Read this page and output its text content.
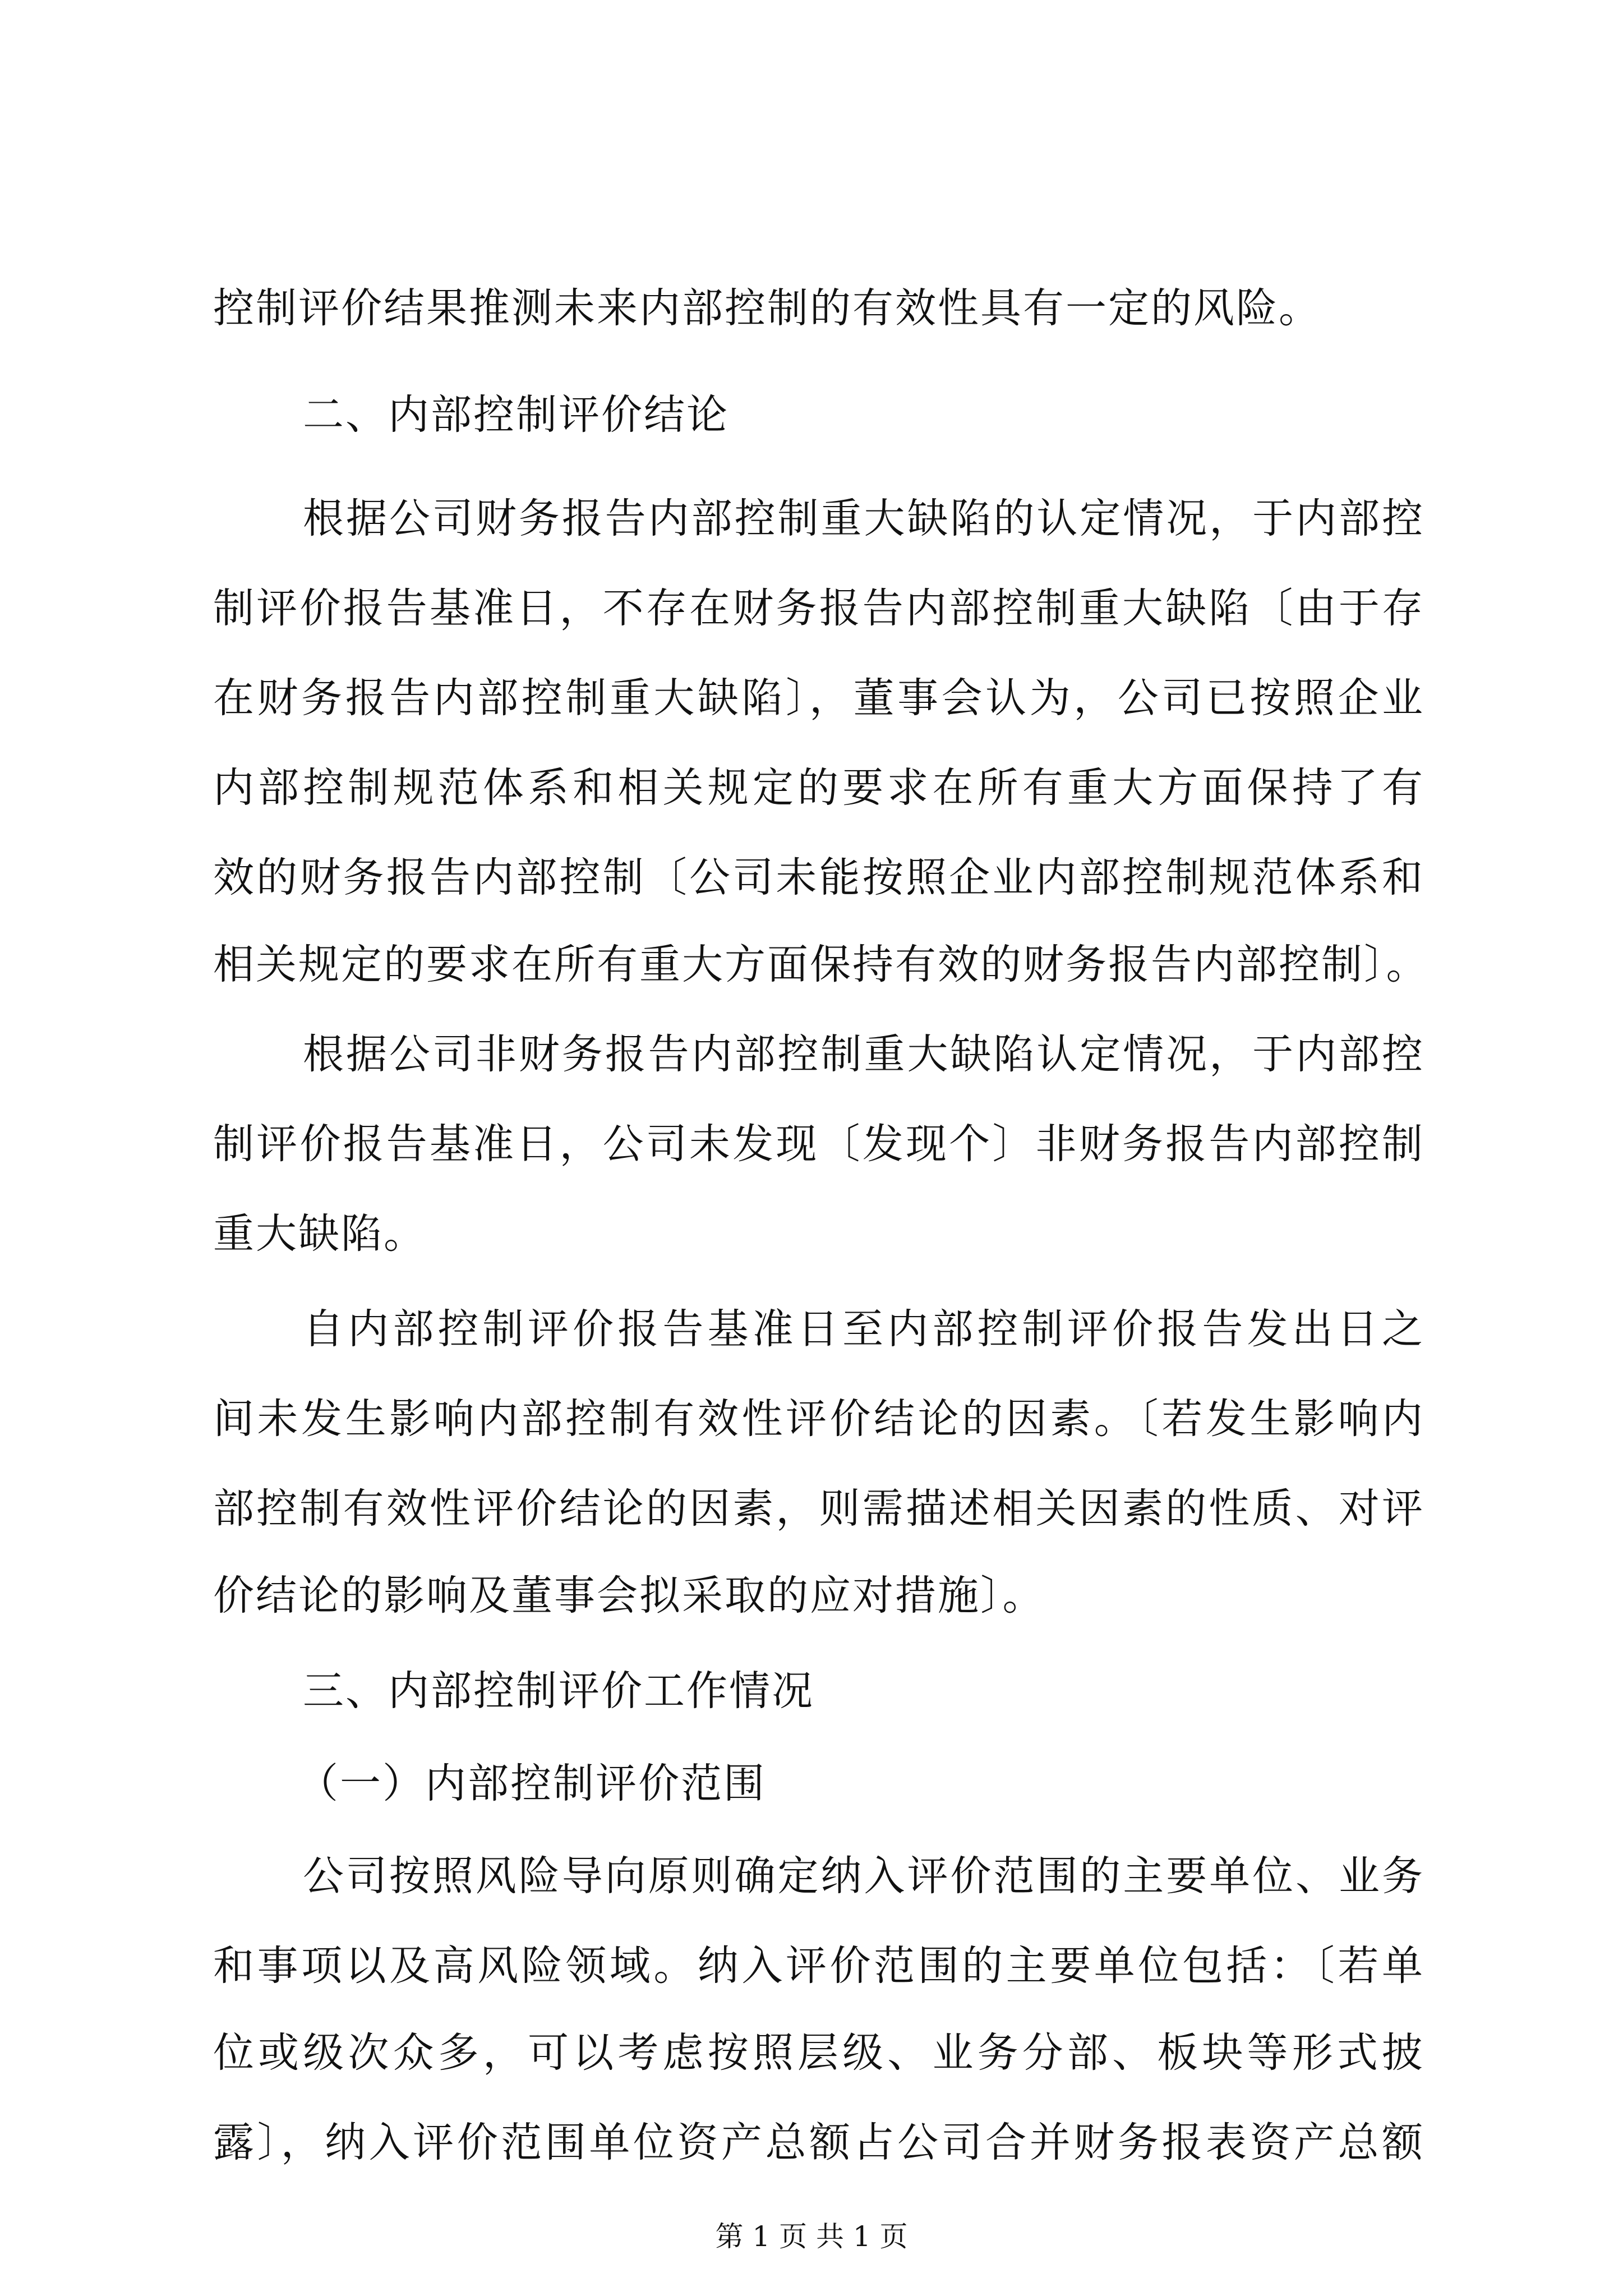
控制评价结果推测未来内部控制的有效性具有一定的风险。
二、内部控制评价结论
根据公司财务报告内部控制重大缺陷的认定情况，于内部控
制评价报告基准日，不存在财务报告内部控制重大缺陷〔由于存
在财务报告内部控制重大缺陷〕，董事会认为，公司已按照企业
内部控制规范体系和相关规定的要求在所有重大方面保持了有
效的财务报告内部控制〔公司未能按照企业内部控制规范体系和
相关规定的要求在所有重大方面保持有效的财务报告内部控制〕。
根据公司非财务报告内部控制重大缺陷认定情况，于内部控
制评价报告基准日，公司未发现〔发现个〕非财务报告内部控制
重大缺陷。
自内部控制评价报告基准日至内部控制评价报告发出日之
间未发生影响内部控制有效性评价结论的因素。〔若发生影响内
部控制有效性评价结论的因素，则需描述相关因素的性质、对评
价结论的影响及董事会拟采取的应对措施〕。
三、内部控制评价工作情况
（一）内部控制评价范围
公司按照风险导向原则确定纳入评价范围的主要单位、业务
和事项以及高风险领域。纳入评价范围的主要单位包括：〔若单
位或级次众多，可以考虑按照层级、业务分部、板块等形式披
露〕，纳入评价范围单位资产总额占公司合并财务报表资产总额
第 1 页 共 1 页
